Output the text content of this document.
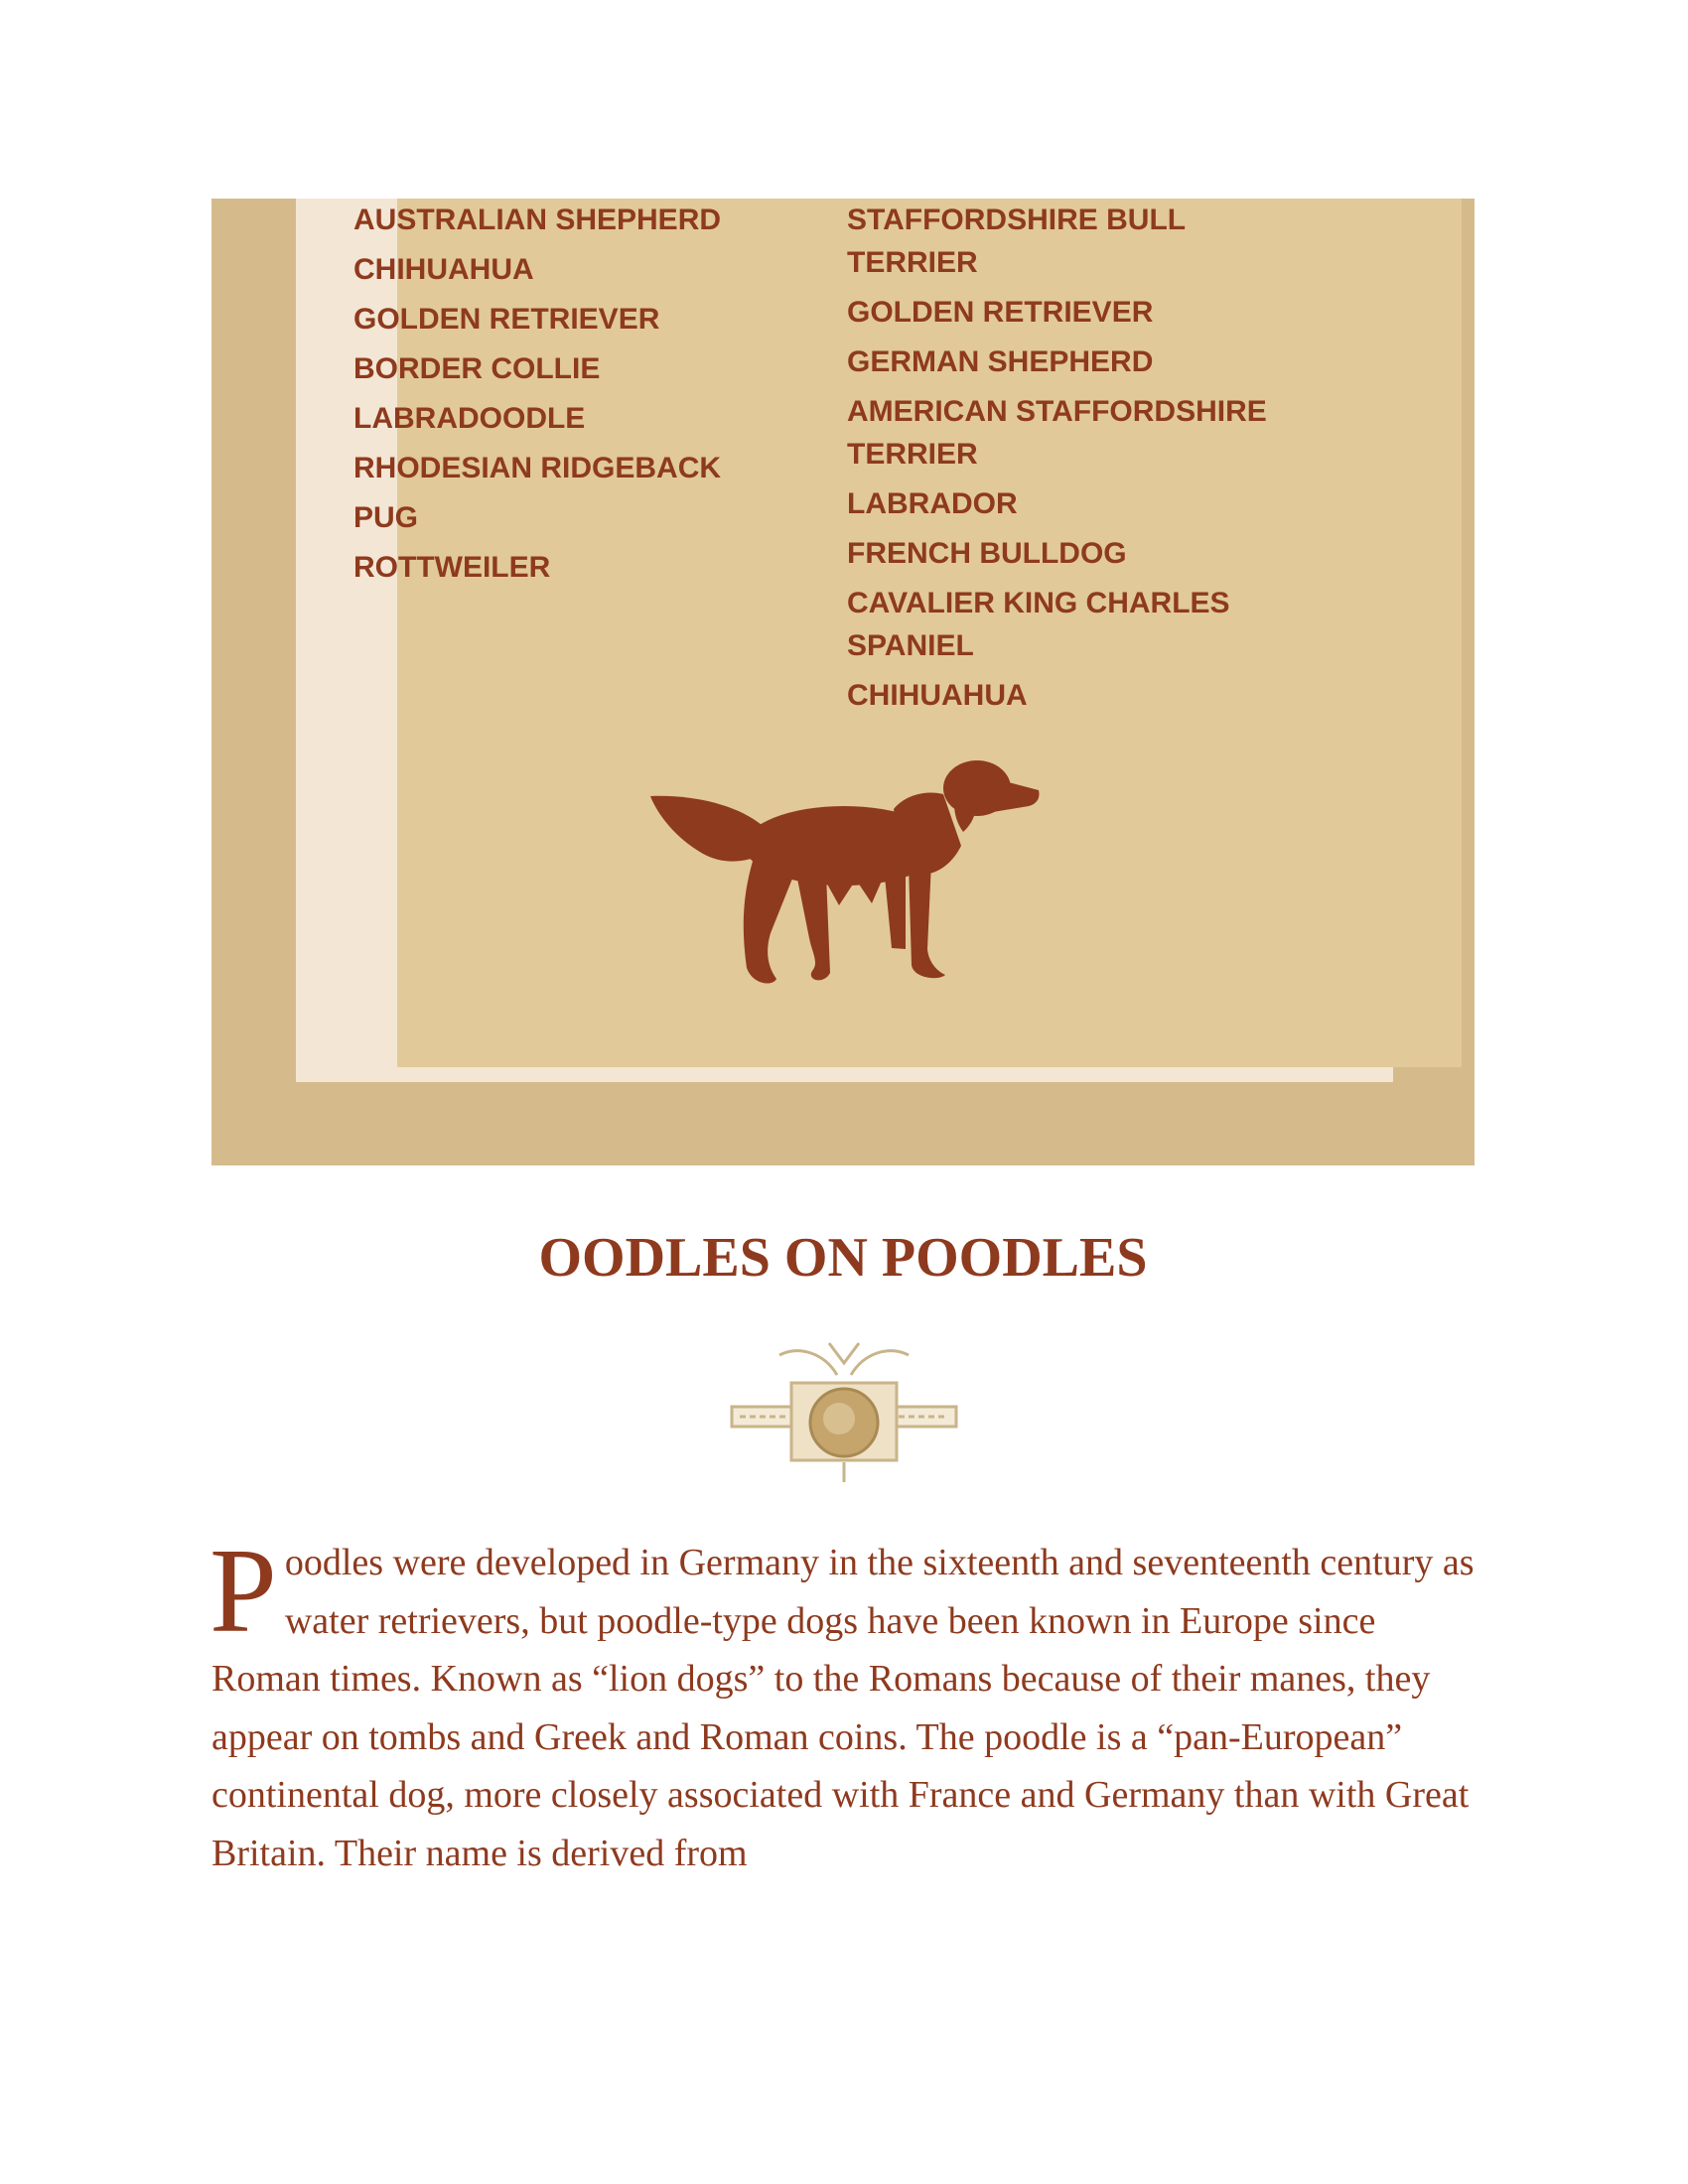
AUSTRALIAN SHEPHERD
CHIHUAHUA
GOLDEN RETRIEVER
BORDER COLLIE
LABRADOODLE
RHODESIAN RIDGEBACK
PUG
ROTTWEILER
STAFFORDSHIRE BULL TERRIER
GOLDEN RETRIEVER
GERMAN SHEPHERD
AMERICAN STAFFORDSHIRE TERRIER
LABRADOR
FRENCH BULLDOG
CAVALIER KING CHARLES SPANIEL
CHIHUAHUA
OODLES ON POODLES

Poodles were developed in Germany in the sixteenth and seventeenth century as water retrievers, but poodle-type dogs have been known in Europe since Roman times. Known as “lion dogs” to the Romans because of their manes, they appear on tombs and Greek and Roman coins. The poodle is a “pan-European” continental dog, more closely associated with France and Germany than with Great Britain. Their name is derived from
